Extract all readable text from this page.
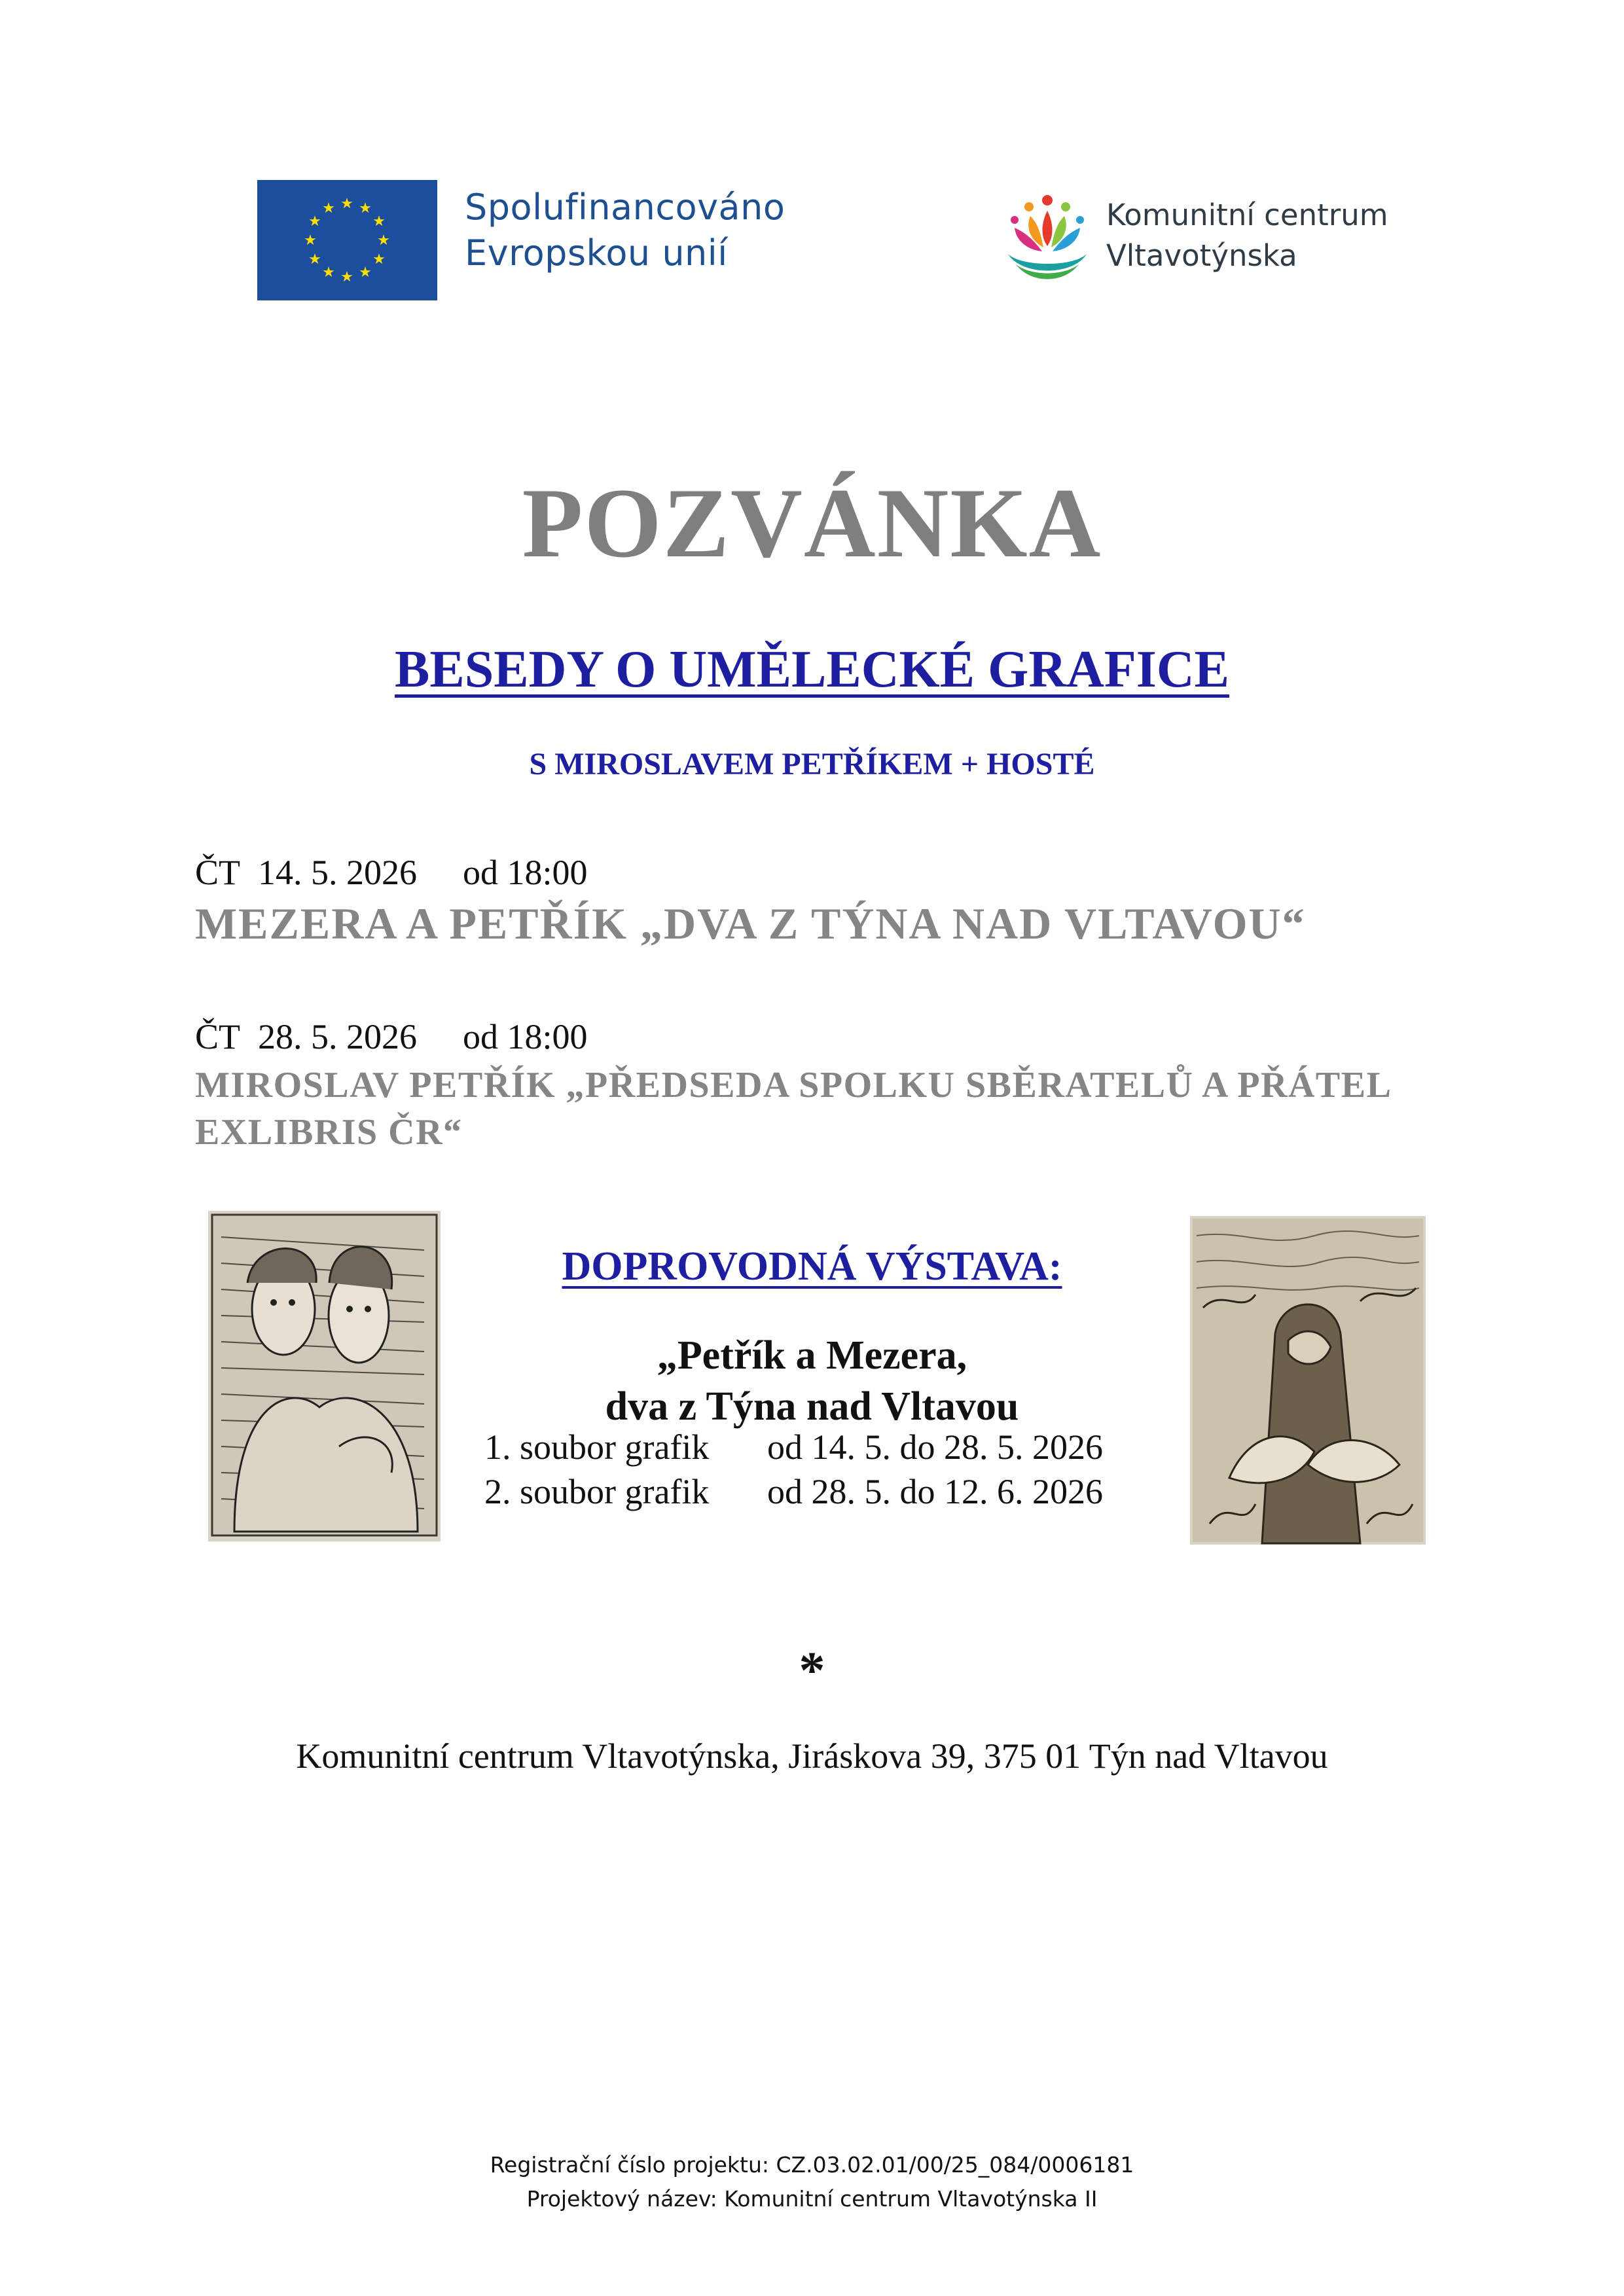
★ ★
★
★
★
★
★
★
★
★
★
★	Spolufinancováno
Evropskou unií
Komunitní centrum
Vltavotýnska
POZVÁNKA
BESEDY O UMĚLECKÉ GRAFICE
S MIROSLAVEM PETŘÍKEM + HOSTÉ
ČT 14. 5. 2026 od 18:00
MEZERA A PETŘÍK „DVA Z TÝNA NAD VLTAVOU“
ČT 28. 5. 2026 od 18:00
MIROSLAV PETŘÍK „PŘEDSEDA SPOLKU SBĚRATELŮ A PŘÁTEL EXLIBRIS ČR“
DOPROVODNÁ VÝSTAVA:
„Petřík a Mezera,
dva z Týna nad Vltavou
1. soubor grafik od 14. 5. do 28. 5. 2026
2. soubor grafik od 28. 5. do 12. 6. 2026
*
Komunitní centrum Vltavotýnska, Jiráskova 39, 375 01 Týn nad Vltavou
Registrační číslo projektu: CZ.03.02.01/00/25_084/0006181
Projektový název: Komunitní centrum Vltavotýnska II
